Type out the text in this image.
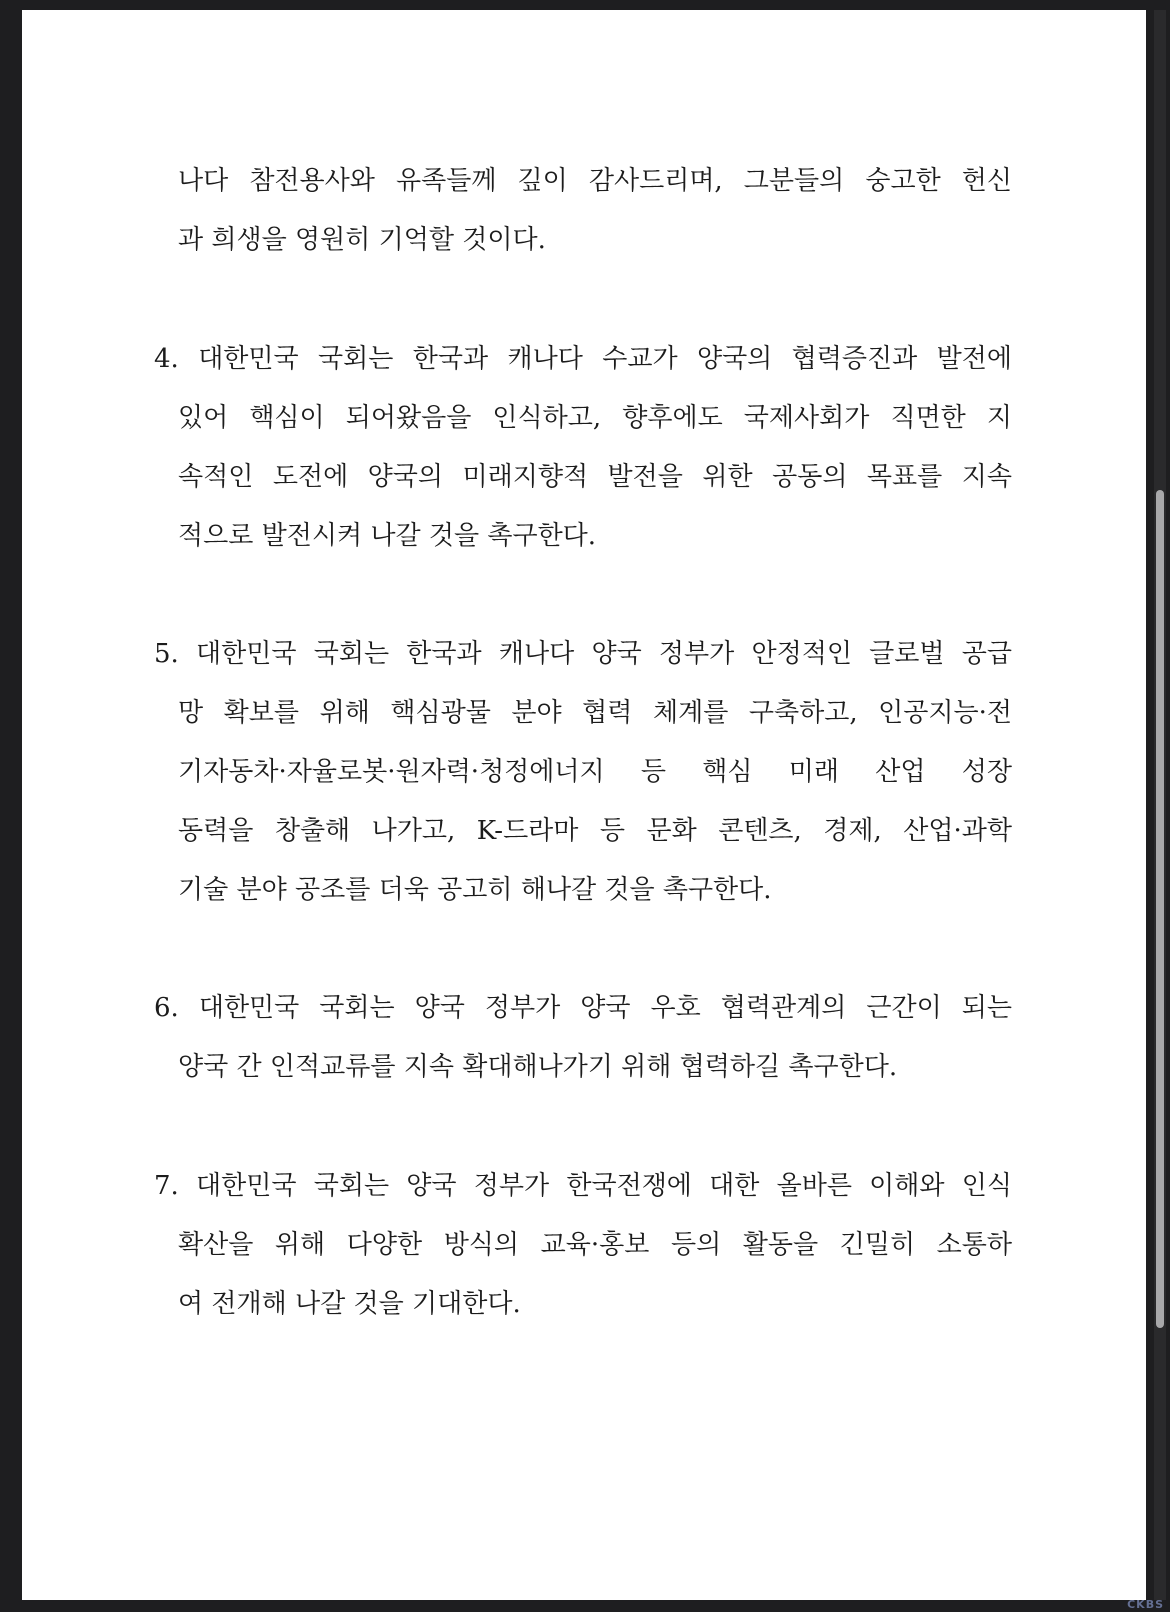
나다 참전용사와 유족들께 깊이 감사드리며, 그분들의 숭고한 헌신
과 희생을 영원히 기억할 것이다.
4. 대한민국 국회는 한국과 캐나다 수교가 양국의 협력증진과 발전에
있어 핵심이 되어왔음을 인식하고, 향후에도 국제사회가 직면한 지
속적인 도전에 양국의 미래지향적 발전을 위한 공동의 목표를 지속
적으로 발전시켜 나갈 것을 촉구한다.
5. 대한민국 국회는 한국과 캐나다 양국 정부가 안정적인 글로벌 공급
망 확보를 위해 핵심광물 분야 협력 체계를 구축하고, 인공지능·전
기자동차·자율로봇·원자력·청정에너지 등 핵심 미래 산업 성장
동력을 창출해 나가고, K-드라마 등 문화 콘텐츠, 경제, 산업·과학
기술 분야 공조를 더욱 공고히 해나갈 것을 촉구한다.
6. 대한민국 국회는 양국 정부가 양국 우호 협력관계의 근간이 되는
양국 간 인적교류를 지속 확대해나가기 위해 협력하길 촉구한다.
7. 대한민국 국회는 양국 정부가 한국전쟁에 대한 올바른 이해와 인식
확산을 위해 다양한 방식의 교육·홍보 등의 활동을 긴밀히 소통하
여 전개해 나갈 것을 기대한다.
CKBS
